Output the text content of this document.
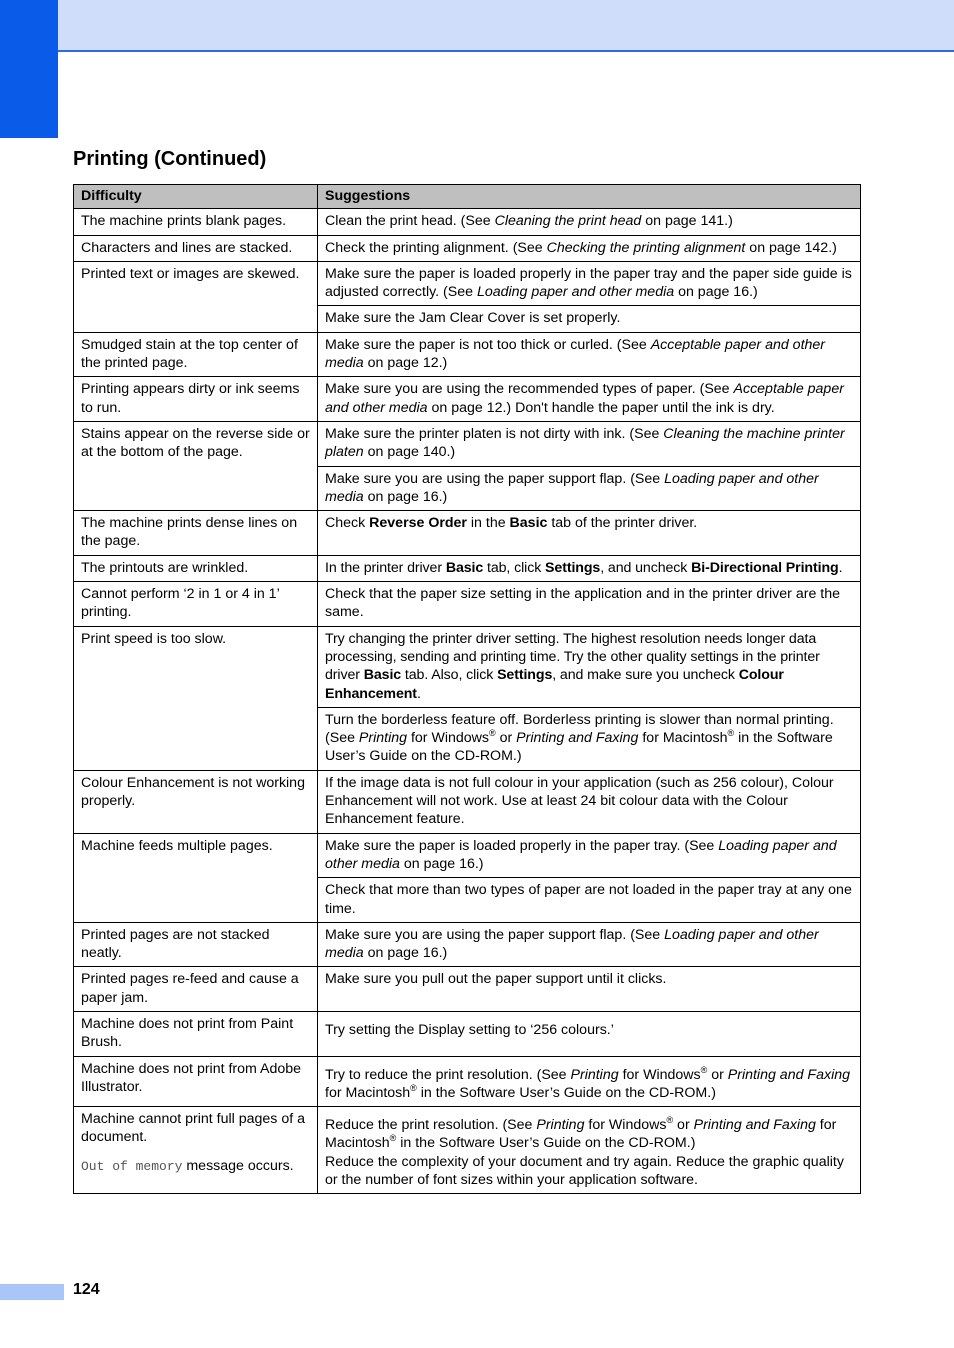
Printing (Continued)
Difficulty	Suggestions
The machine prints blank pages.	Clean the print head. (See Cleaning the print head on page 141.)
Characters and lines are stacked.	Check the printing alignment. (See Checking the printing alignment on page 142.)
Printed text or images are skewed.	Make sure the paper is loaded properly in the paper tray and the paper side guide is adjusted correctly. (See Loading paper and other media on page 16.)
	Make sure the Jam Clear Cover is set properly.
Smudged stain at the top center of the printed page.	Make sure the paper is not too thick or curled. (See Acceptable paper and other media on page 12.)
Printing appears dirty or ink seems to run.	Make sure you are using the recommended types of paper. (See Acceptable paper and other media on page 12.) Don't handle the paper until the ink is dry.
Stains appear on the reverse side or at the bottom of the page.	Make sure the printer platen is not dirty with ink. (See Cleaning the machine printer platen on page 140.)
	Make sure you are using the paper support flap. (See Loading paper and other media on page 16.)
The machine prints dense lines on the page.	Check Reverse Order in the Basic tab of the printer driver.
The printouts are wrinkled.	In the printer driver Basic tab, click Settings, and uncheck Bi-Directional Printing.
Cannot perform ‘2 in 1 or 4 in 1’ printing.	Check that the paper size setting in the application and in the printer driver are the same.
Print speed is too slow.	Try changing the printer driver setting. The highest resolution needs longer data processing, sending and printing time. Try the other quality settings in the printer driver Basic tab. Also, click Settings, and make sure you uncheck Colour Enhancement.
	Turn the borderless feature off. Borderless printing is slower than normal printing. (See Printing for Windows® or Printing and Faxing for Macintosh® in the Software User’s Guide on the CD-ROM.)
Colour Enhancement is not working properly.	If the image data is not full colour in your application (such as 256 colour), Colour Enhancement will not work. Use at least 24 bit colour data with the Colour Enhancement feature.
Machine feeds multiple pages.	Make sure the paper is loaded properly in the paper tray. (See Loading paper and other media on page 16.)
	Check that more than two types of paper are not loaded in the paper tray at any one time.
Printed pages are not stacked neatly.	Make sure you are using the paper support flap. (See Loading paper and other media on page 16.)
Printed pages re-feed and cause a paper jam.	Make sure you pull out the paper support until it clicks.
Machine does not print from Paint Brush.	Try setting the Display setting to ‘256 colours.’
Machine does not print from Adobe Illustrator.	Try to reduce the print resolution. (See Printing for Windows® or Printing and Faxing for Macintosh® in the Software User’s Guide on the CD-ROM.)
Machine cannot print full pages of a document.
Out of memory message occurs.	Reduce the print resolution. (See Printing for Windows® or Printing and Faxing for Macintosh® in the Software User’s Guide on the CD-ROM.)
Reduce the complexity of your document and try again. Reduce the graphic quality or the number of font sizes within your application software.
124
